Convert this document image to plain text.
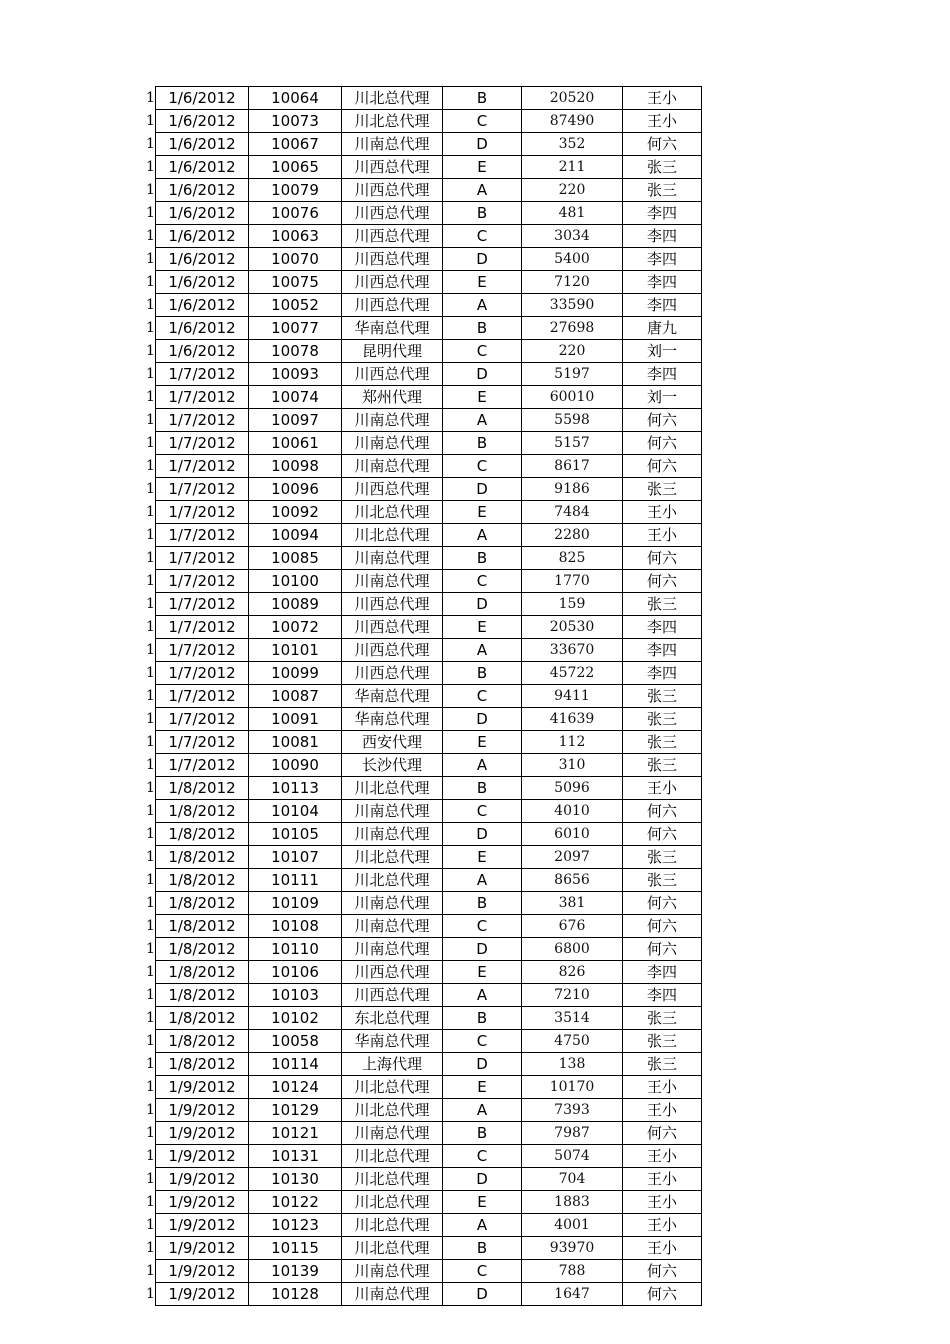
1	1/6/2012	10064	川北总代理	B	20520	王小
1	1/6/2012	10073	川北总代理	C	87490	王小
1	1/6/2012	10067	川南总代理	D	352	何六
1	1/6/2012	10065	川西总代理	E	211	张三
1	1/6/2012	10079	川西总代理	A	220	张三
1	1/6/2012	10076	川西总代理	B	481	李四
1	1/6/2012	10063	川西总代理	C	3034	李四
1	1/6/2012	10070	川西总代理	D	5400	李四
1	1/6/2012	10075	川西总代理	E	7120	李四
1	1/6/2012	10052	川西总代理	A	33590	李四
1	1/6/2012	10077	华南总代理	B	27698	唐九
1	1/6/2012	10078	昆明代理	C	220	刘一
1	1/7/2012	10093	川西总代理	D	5197	李四
1	1/7/2012	10074	郑州代理	E	60010	刘一
1	1/7/2012	10097	川南总代理	A	5598	何六
1	1/7/2012	10061	川南总代理	B	5157	何六
1	1/7/2012	10098	川南总代理	C	8617	何六
1	1/7/2012	10096	川西总代理	D	9186	张三
1	1/7/2012	10092	川北总代理	E	7484	王小
1	1/7/2012	10094	川北总代理	A	2280	王小
1	1/7/2012	10085	川南总代理	B	825	何六
1	1/7/2012	10100	川南总代理	C	1770	何六
1	1/7/2012	10089	川西总代理	D	159	张三
1	1/7/2012	10072	川西总代理	E	20530	李四
1	1/7/2012	10101	川西总代理	A	33670	李四
1	1/7/2012	10099	川西总代理	B	45722	李四
1	1/7/2012	10087	华南总代理	C	9411	张三
1	1/7/2012	10091	华南总代理	D	41639	张三
1	1/7/2012	10081	西安代理	E	112	张三
1	1/7/2012	10090	长沙代理	A	310	张三
1	1/8/2012	10113	川北总代理	B	5096	王小
1	1/8/2012	10104	川南总代理	C	4010	何六
1	1/8/2012	10105	川南总代理	D	6010	何六
1	1/8/2012	10107	川北总代理	E	2097	张三
1	1/8/2012	10111	川北总代理	A	8656	张三
1	1/8/2012	10109	川南总代理	B	381	何六
1	1/8/2012	10108	川南总代理	C	676	何六
1	1/8/2012	10110	川南总代理	D	6800	何六
1	1/8/2012	10106	川西总代理	E	826	李四
1	1/8/2012	10103	川西总代理	A	7210	李四
1	1/8/2012	10102	东北总代理	B	3514	张三
1	1/8/2012	10058	华南总代理	C	4750	张三
1	1/8/2012	10114	上海代理	D	138	张三
1	1/9/2012	10124	川北总代理	E	10170	王小
1	1/9/2012	10129	川北总代理	A	7393	王小
1	1/9/2012	10121	川南总代理	B	7987	何六
1	1/9/2012	10131	川北总代理	C	5074	王小
1	1/9/2012	10130	川北总代理	D	704	王小
1	1/9/2012	10122	川北总代理	E	1883	王小
1	1/9/2012	10123	川北总代理	A	4001	王小
1	1/9/2012	10115	川北总代理	B	93970	王小
1	1/9/2012	10139	川南总代理	C	788	何六
1	1/9/2012	10128	川南总代理	D	1647	何六
